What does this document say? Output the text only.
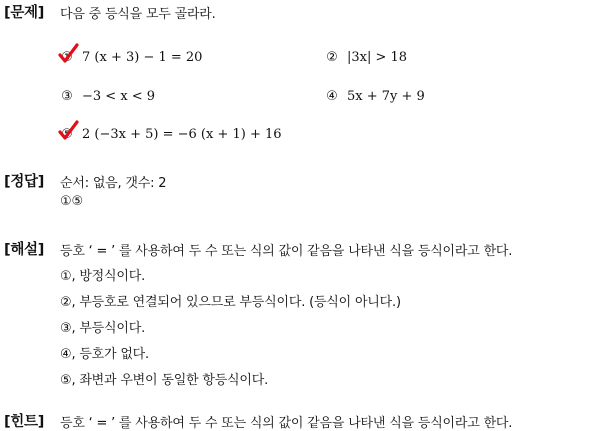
[문제] 다음 중 등식을 모두 골라라.
① 7 (x + 3) − 1 = 20	② |3x| > 18
③ −3 < x < 9	④ 5x + 7y + 9
⑤ 2 (−3x + 5) = −6 (x + 1) + 16
[정답] 순서: 없음, 갯수: 2
①⑤
[해설] 등호 ‘ = ’ 를 사용하여 두 수 또는 식의 값이 같음을 나타낸 식을 등식이라고 한다.
①, 방정식이다.
②, 부등호로 연결되어 있으므로 부등식이다. (등식이 아니다.)
③, 부등식이다.
④, 등호가 없다.
⑤, 좌변과 우변이 동일한 항등식이다.
[힌트] 등호 ‘ = ’ 를 사용하여 두 수 또는 식의 값이 같음을 나타낸 식을 등식이라고 한다.
